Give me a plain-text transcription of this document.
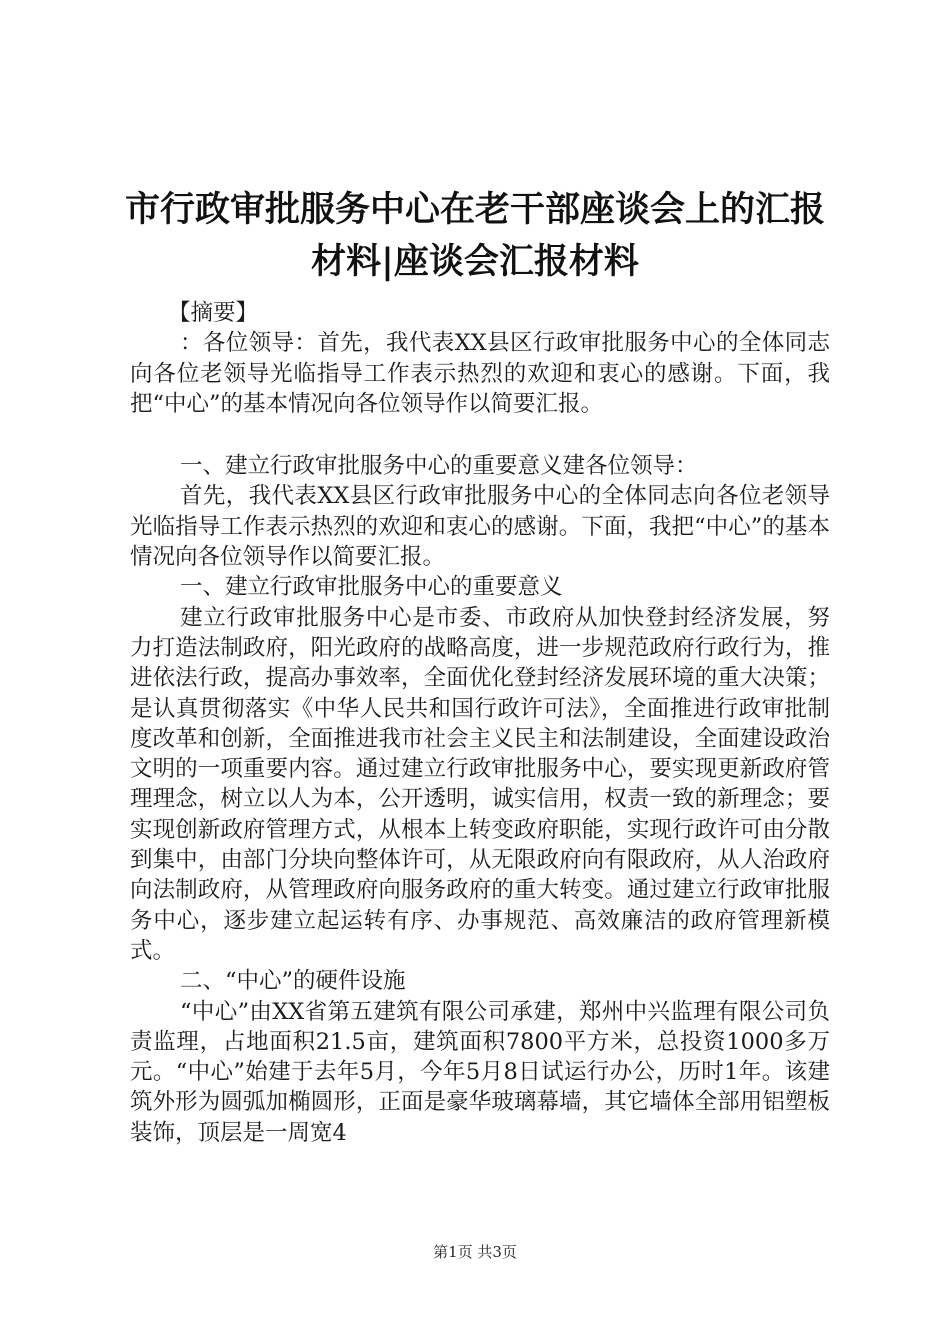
市行政审批服务中心在老干部座谈会上的汇报
材料|座谈会汇报材料

【摘要】

：各位领导：首先，我代表XX县区行政审批服务中心的全体同志向各位老领导光临指导工作表示热烈的欢迎和衷心的感谢。下面，我把“中心”的基本情况向各位领导作以简要汇报。

一、建立行政审批服务中心的重要意义建各位领导：

首先，我代表XX县区行政审批服务中心的全体同志向各位老领导光临指导工作表示热烈的欢迎和衷心的感谢。下面，我把“中心”的基本情况向各位领导作以简要汇报。

一、建立行政审批服务中心的重要意义

建立行政审批服务中心是市委、市政府从加快登封经济发展，努力打造法制政府，阳光政府的战略高度，进一步规范政府行政行为，推进依法行政，提高办事效率，全面优化登封经济发展环境的重大决策；是认真贯彻落实《中华人民共和国行政许可法》，全面推进行政审批制度改革和创新，全面推进我市社会主义民主和法制建设，全面建设政治文明的一项重要内容。通过建立行政审批服务中心，要实现更新政府管理理念，树立以人为本，公开透明，诚实信用，权责一致的新理念；要实现创新政府管理方式，从根本上转变政府职能，实现行政许可由分散到集中，由部门分块向整体许可，从无限政府向有限政府，从人治政府向法制政府，从管理政府向服务政府的重大转变。通过建立行政审批服务中心，逐步建立起运转有序、办事规范、高效廉洁的政府管理新模式。

二、“中心”的硬件设施

“中心”由XX省第五建筑有限公司承建，郑州中兴监理有限公司负责监理，占地面积21.5亩，建筑面积7800平方米，总投资1000多万元。“中心”始建于去年5月，今年5月8日试运行办公，历时1年。该建筑外形为圆弧加椭圆形，正面是豪华玻璃幕墙，其它墙体全部用铝塑板装饰，顶层是一周宽4

第1页 共3页
